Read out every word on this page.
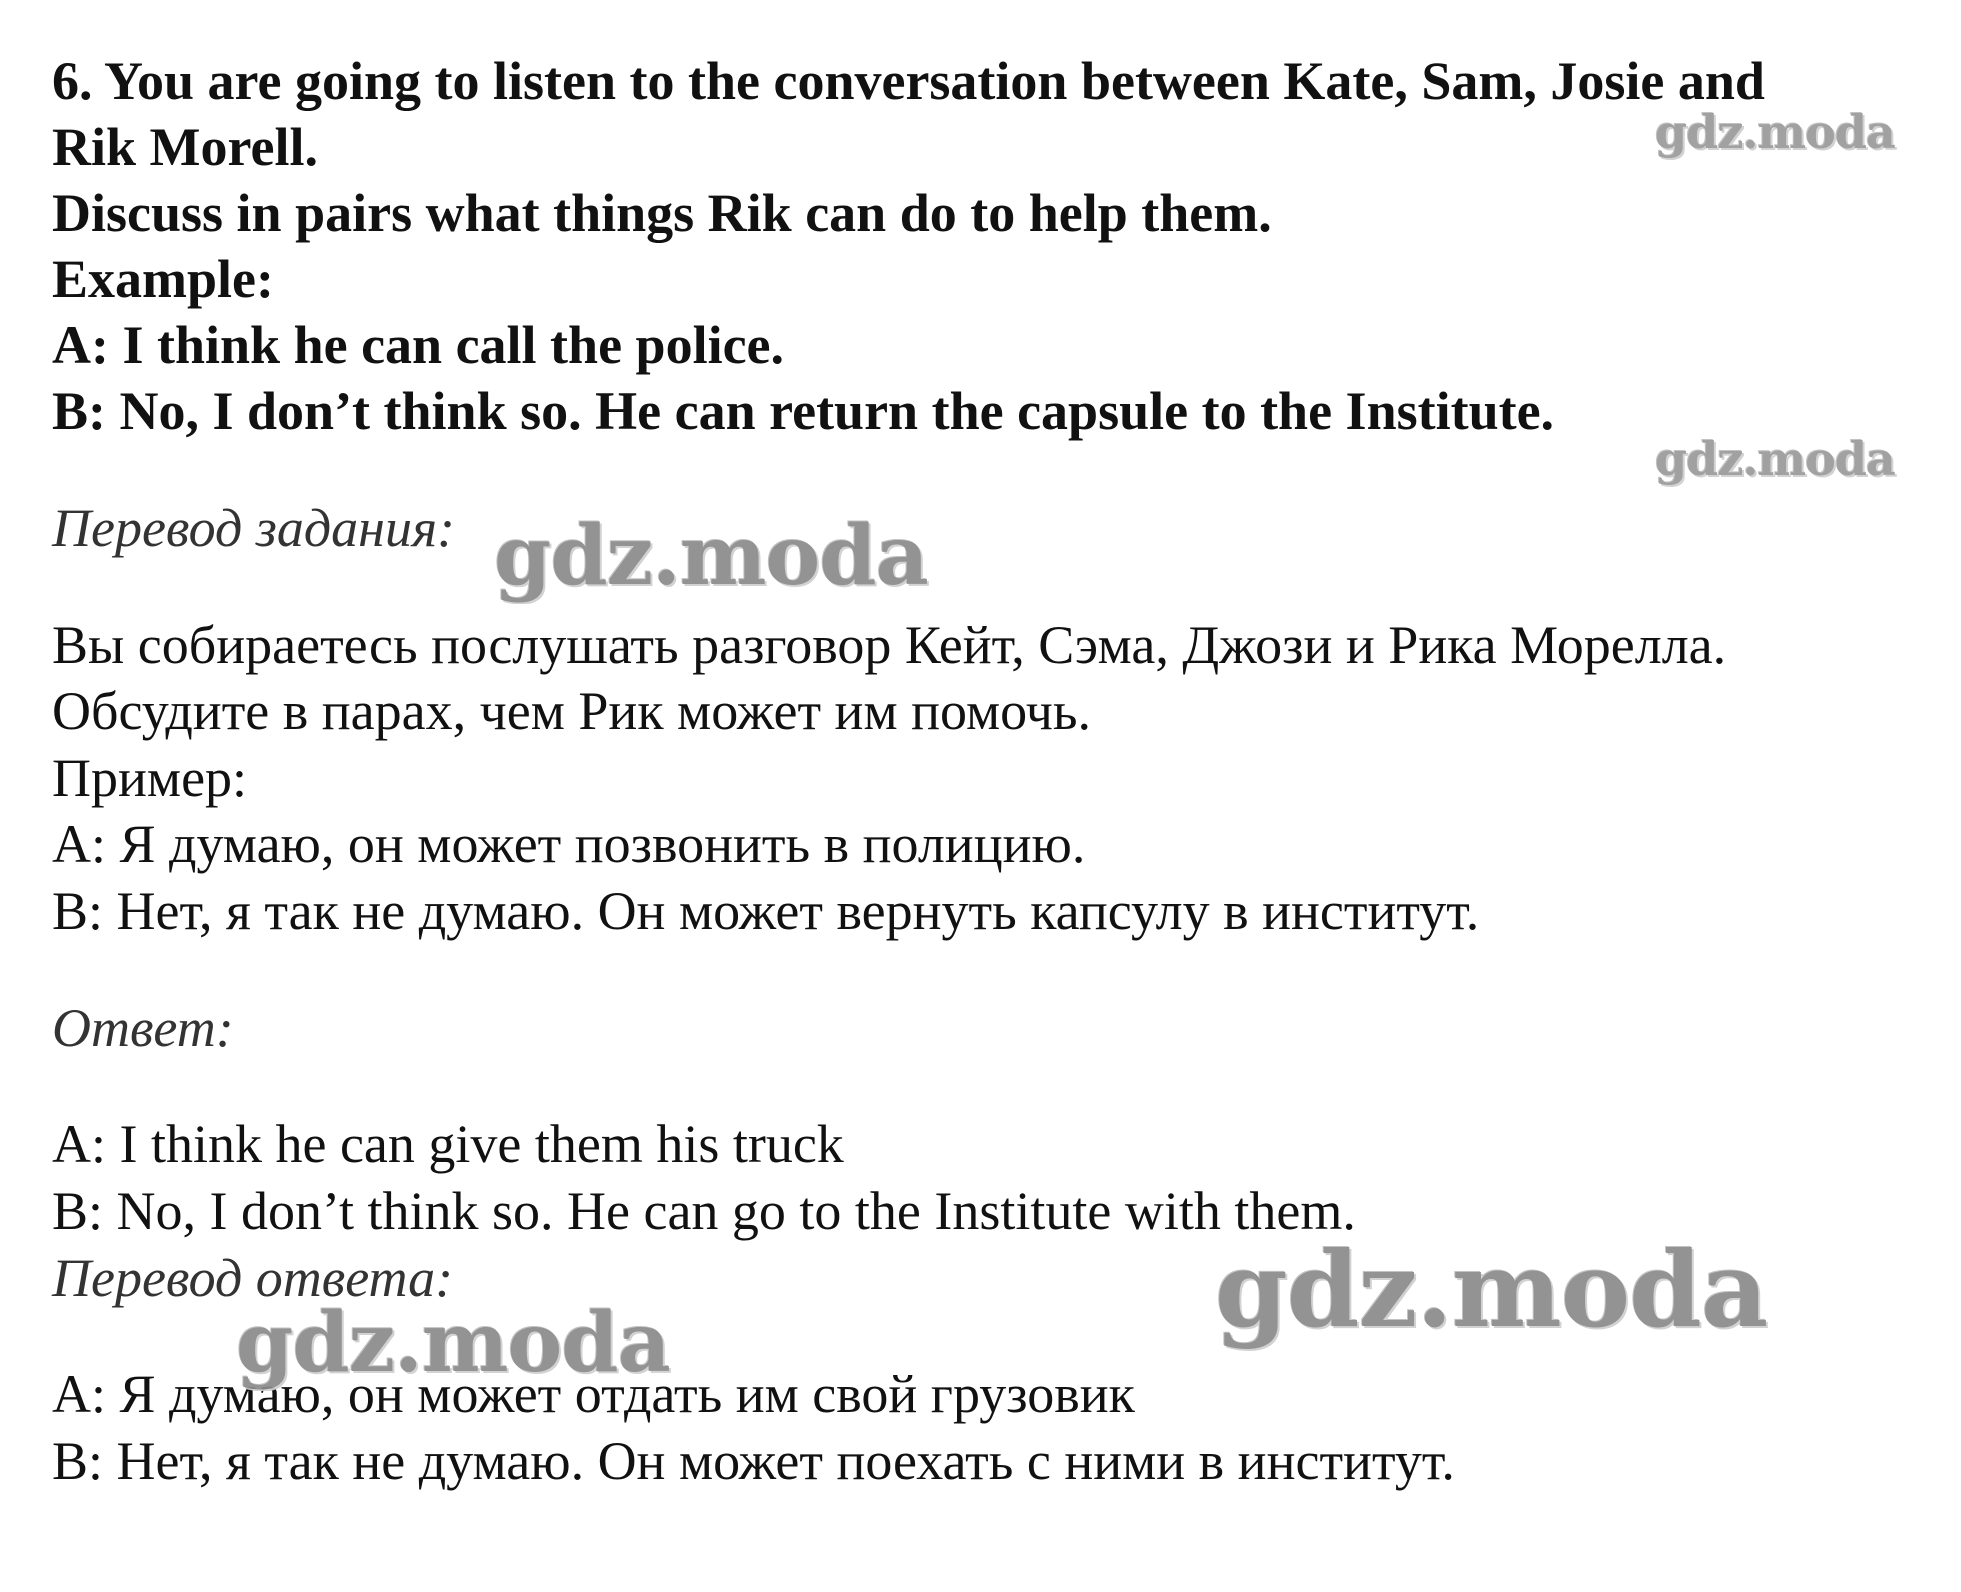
6. You are going to listen to the conversation between Kate, Sam, Josie and
Rik Morell.
Discuss in pairs what things Rik can do to help them.
Example:
A: I think he can call the police.
B: No, I don’t think so. He can return the capsule to the Institute.
Перевод задания:
Вы собираетесь послушать разговор Кейт, Сэма, Джози и Рика Морелла.
Обсудите в парах, чем Рик может им помочь.
Пример:
А: Я думаю, он может позвонить в полицию.
В: Нет, я так не думаю. Он может вернуть капсулу в институт.
Ответ:
A: I think he can give them his truck
B: No, I don’t think so. He can go to the Institute with them.
Перевод ответа:
А: Я думаю, он может отдать им свой грузовик
В: Нет, я так не думаю. Он может поехать с ними в институт.
gdz.moda
gdz.moda
gdz.moda
gdz.moda
gdz.moda
